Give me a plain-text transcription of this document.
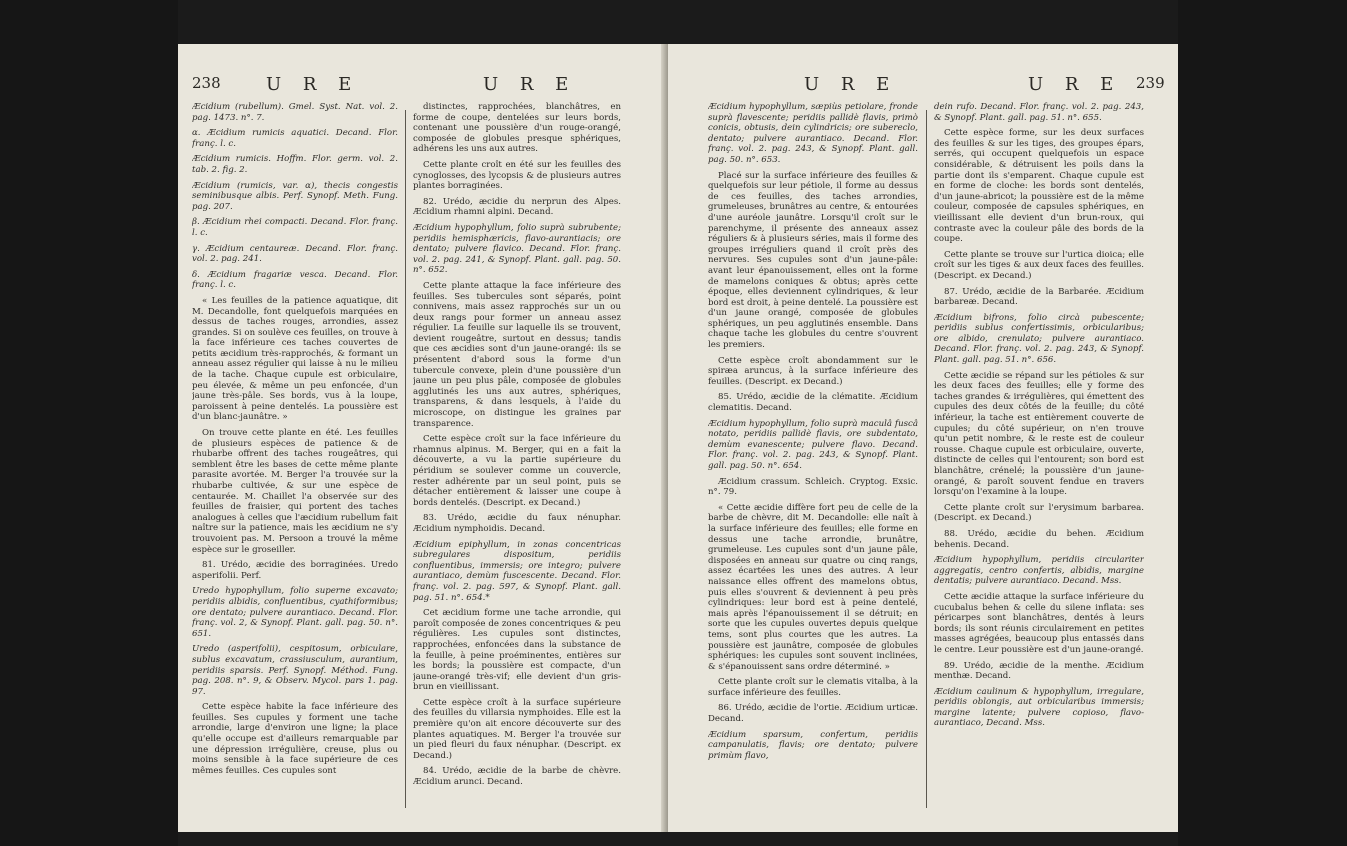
238	U R E	U R E

Æcidium (rubellum). Gmel. Syst. Nat. vol. 2. pag. 1473. n°. 7.

α. Æcidium rumicis aquatici. Decand. Flor. franç. l. c.

Æcidium rumicis. Hoffm. Flor. germ. vol. 2. tab. 2. fig. 2.

Æcidium (rumicis, var. α), thecis congestis seminibusque albis. Perf. Synopf. Meth. Fung. pag. 207.

β. Æcidium rhei compacti. Decand. Flor. franç. l. c.

γ. Æcidium centaureæ. Decand. Flor. franç. vol. 2. pag. 241.

δ. Æcidium fragariæ vesca. Decand. Flor. franç. l. c.

« Les feuilles de la patience aquatique, dit M. Decandolle, font quelquefois marquées en dessus de taches rouges, arrondies, assez grandes. Si on soulève ces feuilles, on trouve à la face inférieure ces taches couvertes de petits æcidium très-rapprochés, & formant un anneau assez régulier qui laisse à nu le milieu de la tache. Chaque cupule est orbiculaire, peu élevée, & même un peu enfoncée, d'un jaune très-pâle. Ses bords, vus à la loupe, paroissent à peine dentelés. La poussière est d'un blanc-jaunâtre. »

On trouve cette plante en été. Les feuilles de plusieurs espèces de patience & de rhubarbe offrent des taches rougeâtres, qui semblent être les bases de cette même plante parasite avortée. M. Berger l'a trouvée sur la rhubarbe cultivée, & sur une espèce de centaurée. M. Chaillet l'a observée sur des feuilles de fraisier, qui portent des taches analogues à celles que l'æcidium rubellum fait naître sur la patience, mais les æcidium ne s'y trouvoient pas. M. Persoon a trouvé la même espèce sur le groseiller.

81. Urédo, æcidie des borraginées. Uredo asperifolii. Perf.

Uredo hypophyllum, folio superne excavato; peridiis albidis, confluentibus, cyathiformibus; ore dentato; pulvere aurantiaco. Decand. Flor. franç. vol. 2, & Synopf. Plant. gall. pag. 50. n°. 651.

Uredo (asperifolii), cespitosum, orbiculare, sublus excavatum, crassiusculum, aurantium, peridiis sparsis. Perf. Synopf. Méthod. Fung. pag. 208. n°. 9, & Observ. Mycol. pars 1. pag. 97.

Cette espèce habite la face inférieure des feuilles. Ses cupules y forment une tache arrondie, large d'environ une ligne; la place qu'elle occupe est d'ailleurs remarquable par une dépression irrégulière, creuse, plus ou moins sensible à la face supérieure de ces mêmes feuilles. Ces cupules sont

distinctes, rapprochées, blanchâtres, en forme de coupe, dentelées sur leurs bords, contenant une poussière d'un rouge-orangé, composée de globules presque sphériques, adhérens les uns aux autres.

Cette plante croît en été sur les feuilles des cynoglosses, des lycopsis & de plusieurs autres plantes borraginées.

82. Urédo, æcidie du nerprun des Alpes. Æcidium rhamni alpini. Decand.

Æcidium hypophyllum, folio suprà subrubente; peridiis hemisphæricis, flavo-aurantiacis; ore dentato; pulvere flavico. Decand. Flor. franç. vol. 2. pag. 241, & Synopf. Plant. gall. pag. 50. n°. 652.

Cette plante attaque la face inférieure des feuilles. Ses tubercules sont séparés, point connivens, mais assez rapprochés sur un ou deux rangs pour former un anneau assez régulier. La feuille sur laquelle ils se trouvent, devient rougeâtre, surtout en dessus; tandis que ces æcidies sont d'un jaune-orangé: ils se présentent d'abord sous la forme d'un tubercule convexe, plein d'une poussière d'un jaune un peu plus pâle, composée de globules agglutinés les uns aux autres, sphériques, transparens, & dans lesquels, à l'aide du microscope, on distingue les graines par transparence.

Cette espèce croît sur la face inférieure du rhamnus alpinus. M. Berger, qui en a fait la découverte, a vu la partie supérieure du péridium se soulever comme un couvercle, rester adhérente par un seul point, puis se détacher entièrement & laisser une coupe à bords dentelés. (Descript. ex Decand.)

83. Urédo, æcidie du faux nénuphar. Æcidium nymphoidis. Decand.

Æcidium epiphyllum, in zonas concentricas subregulares dispositum, peridiis confluentibus, immersis; ore integro; pulvere aurantiaco, demùm fuscescente. Decand. Flor. franç. vol. 2. pag. 597, & Synopf. Plant. gall. pag. 51. n°. 654.*

Cet æcidium forme une tache arrondie, qui paroît composée de zones concentriques & peu régulières. Les cupules sont distinctes, rapprochées, enfoncées dans la substance de la feuille, à peine proéminentes, entières sur les bords; la poussière est compacte, d'un jaune-orangé très-vif; elle devient d'un gris-brun en vieillissant.

Cette espèce croît à la surface supérieure des feuilles du villarsia nymphoides. Elle est la première qu'on ait encore découverte sur des plantes aquatiques. M. Berger l'a trouvée sur un pied fleuri du faux nénuphar. (Descript. ex Decand.)

84. Urédo, æcidie de la barbe de chèvre. Æcidium arunci. Decand.

U R E	U R E 239

Æcidium hypophyllum, sæpiùs petiolare, fronde suprà flavescente; peridiis pallidè flavis, primò conicis, obtusis, dein cylindricis; ore subereclo, dentato; pulvere aurantiaco. Decand. Flor. franç. vol. 2. pag. 243, & Synopf. Plant. gall. pag. 50. n°. 653.

Placé sur la surface inférieure des feuilles & quelquefois sur leur pétiole, il forme au dessus de ces feuilles, des taches arrondies, grumeleuses, brunâtres au centre, & entourées d'une auréole jaunâtre. Lorsqu'il croît sur le parenchyme, il présente des anneaux assez réguliers & à plusieurs séries, mais il forme des groupes irréguliers quand il croît près des nervures. Ses cupules sont d'un jaune-pâle: avant leur épanouissement, elles ont la forme de mamelons coniques & obtus; après cette époque, elles deviennent cylindriques, & leur bord est droit, à peine dentelé. La poussière est d'un jaune orangé, composée de globules sphériques, un peu agglutinés ensemble. Dans chaque tache les globules du centre s'ouvrent les premiers.

Cette espèce croît abondamment sur le spiræa aruncus, à la surface inférieure des feuilles. (Descript. ex Decand.)

85. Urédo, æcidie de la clématite. Æcidium clematitis. Decand.

Æcidium hypophyllum, folio suprà maculâ fuscâ notato, peridiis pallidè flavis, ore subdentato, demùm evanescente; pulvere flavo. Decand. Flor. franç. vol. 2. pag. 243, & Synopf. Plant. gall. pag. 50. n°. 654.

Æcidium crassum. Schleich. Cryptog. Exsic. n°. 79.

« Cette æcidie diffère fort peu de celle de la barbe de chèvre, dit M. Decandolle: elle naît à la surface inférieure des feuilles; elle forme en dessus une tache arrondie, brunâtre, grumeleuse. Les cupules sont d'un jaune pâle, disposées en anneau sur quatre ou cinq rangs, assez écartées les unes des autres. A leur naissance elles offrent des mamelons obtus, puis elles s'ouvrent & deviennent à peu près cylindriques: leur bord est à peine dentelé, mais après l'épanouissement il se détruit; en sorte que les cupules ouvertes depuis quelque tems, sont plus courtes que les autres. La poussière est jaunâtre, composée de globules sphériques: les cupules sont souvent inclinées, & s'épanouissent sans ordre déterminé. »

Cette plante croît sur le clematis vitalba, à la surface inférieure des feuilles.

86. Urédo, æcidie de l'ortie. Æcidium urticæ. Decand.

Æcidium sparsum, confertum, peridiis campanulatis, flavis; ore dentato; pulvere primùm flavo,

dein rufo. Decand. Flor. franç. vol. 2. pag. 243, & Synopf. Plant. gall. pag. 51. n°. 655.

Cette espèce forme, sur les deux surfaces des feuilles & sur les tiges, des groupes épars, serrés, qui occupent quelquefois un espace considérable, & détruisent les poils dans la partie dont ils s'emparent. Chaque cupule est en forme de cloche: les bords sont dentelés, d'un jaune-abricot; la poussière est de la même couleur, composée de capsules sphériques, en vieillissant elle devient d'un brun-roux, qui contraste avec la couleur pâle des bords de la coupe.

Cette plante se trouve sur l'urtica dioica; elle croît sur les tiges & aux deux faces des feuilles. (Descript. ex Decand.)

87. Urédo, æcidie de la Barbarée. Æcidium barbareæ. Decand.

Æcidium bifrons, folio circà pubescente; peridiis sublus confertissimis, orbicularibus; ore albido, crenulato; pulvere aurantiaco. Decand. Flor. franç. vol. 2. pag. 243, & Synopf. Plant. gall. pag. 51. n°. 656.

Cette æcidie se répand sur les pétioles & sur les deux faces des feuilles; elle y forme des taches grandes & irrégulières, qui émettent des cupules des deux côtés de la feuille; du côté inférieur, la tache est entièrement couverte de cupules; du côté supérieur, on n'en trouve qu'un petit nombre, & le reste est de couleur rousse. Chaque cupule est orbiculaire, ouverte, distincte de celles qui l'entourent; son bord est blanchâtre, crénelé; la poussière d'un jaune-orangé, & paroît souvent fendue en travers lorsqu'on l'examine à la loupe.

Cette plante croît sur l'erysimum barbarea. (Descript. ex Decand.)

88. Urédo, æcidie du behen. Æcidium behenis. Decand.

Æcidium hypophyllum, peridiis circulariter aggregatis, centro confertis, albidis, margine dentatis; pulvere aurantiaco. Decand. Mss.

Cette æcidie attaque la surface inférieure du cucubalus behen & celle du silene inflata: ses péricarpes sont blanchâtres, dentés à leurs bords; ils sont réunis circulairement en petites masses agrégées, beaucoup plus entassés dans le centre. Leur poussière est d'un jaune-orangé.

89. Urédo, æcidie de la menthe. Æcidium menthæ. Decand.

Æcidium caulinum & hypophyllum, irregulare, peridiis oblongis, aut orbicularibus immersis; margine latente; pulvere copioso, flavo-aurantiaco, Decand. Mss.
